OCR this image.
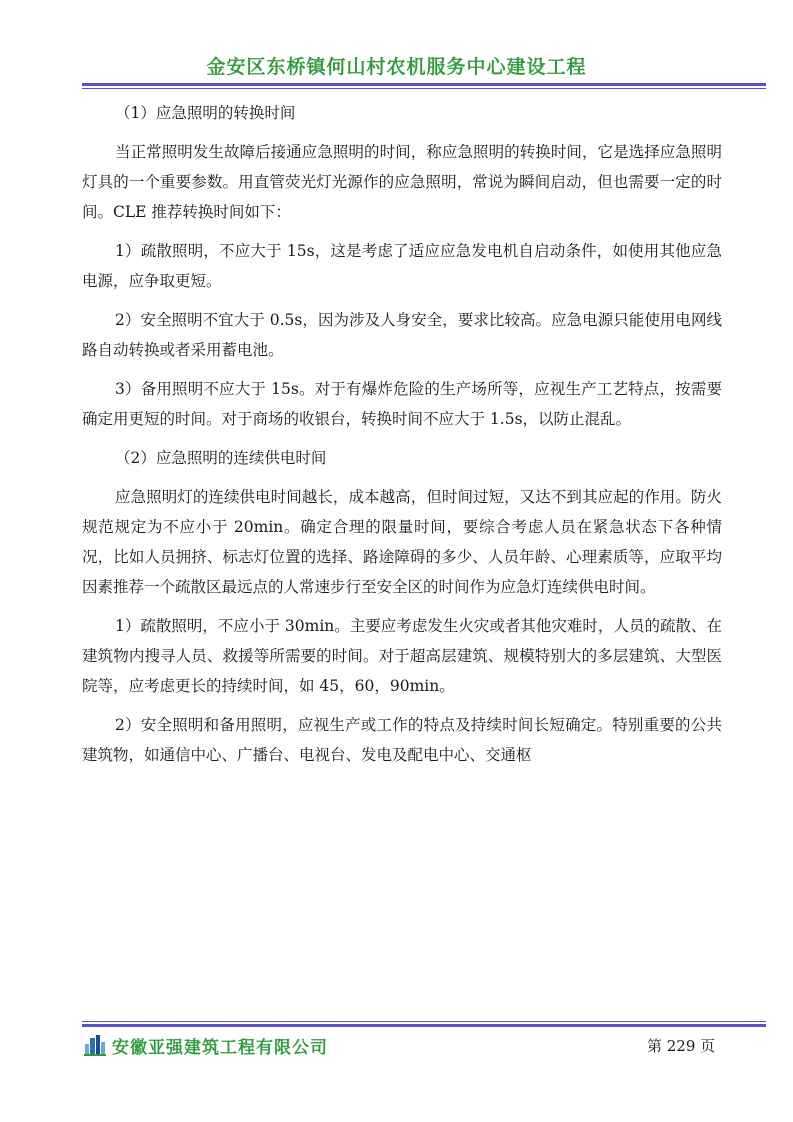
金安区东桥镇何山村农机服务中心建设工程
（1）应急照明的转换时间

当正常照明发生故障后接通应急照明的时间，称应急照明的转换时间，它是选择应急照明灯具的一个重要参数。用直管荧光灯光源作的应急照明，常说为瞬间启动，但也需要一定的时间。CLE 推荐转换时间如下：

1）疏散照明，不应大于 15s，这是考虑了适应应急发电机自启动条件，如使用其他应急电源，应争取更短。

2）安全照明不宜大于 0.5s，因为涉及人身安全，要求比较高。应急电源只能使用电网线路自动转换或者采用蓄电池。

3）备用照明不应大于 15s。对于有爆炸危险的生产场所等，应视生产工艺特点，按需要确定用更短的时间。对于商场的收银台，转换时间不应大于 1.5s，以防止混乱。

（2）应急照明的连续供电时间

应急照明灯的连续供电时间越长，成本越高，但时间过短，又达不到其应起的作用。防火规范规定为不应小于 20min。确定合理的限量时间，要综合考虑人员在紧急状态下各种情况，比如人员拥挤、标志灯位置的选择、路途障碍的多少、人员年龄、心理素质等，应取平均因素推荐一个疏散区最远点的人常速步行至安全区的时间作为应急灯连续供电时间。

1）疏散照明，不应小于 30min。主要应考虑发生火灾或者其他灾难时，人员的疏散、在建筑物内搜寻人员、救援等所需要的时间。对于超高层建筑、规模特别大的多层建筑、大型医院等，应考虑更长的持续时间，如 45，60，90min。

2）安全照明和备用照明，应视生产或工作的特点及持续时间长短确定。特别重要的公共建筑物，如通信中心、广播台、电视台、发电及配电中心、交通枢

安徽亚强建筑工程有限公司	第 229 页
